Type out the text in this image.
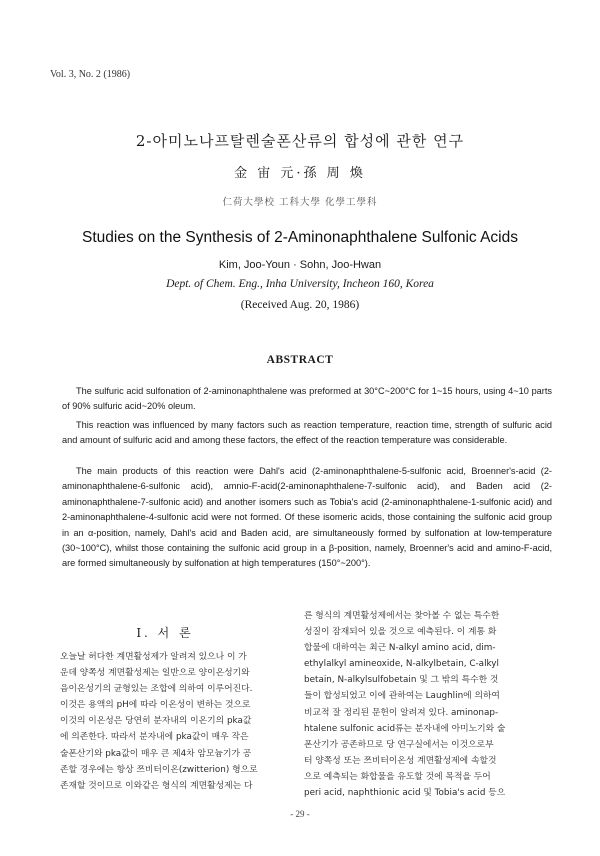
Vol. 3, No. 2 (1986)
2-아미노나프탈렌술폰산류의 합성에 관한 연구
金 宙 元·孫 周 煥
仁荷大學校 工科大學 化學工學科
Studies on the Synthesis of 2-Aminonaphthalene Sulfonic Acids
Kim, Joo-Youn · Sohn, Joo-Hwan
Dept. of Chem. Eng., Inha University, Incheon 160, Korea
(Received Aug. 20, 1986)
ABSTRACT

The sulfuric acid sulfonation of 2-aminonaphthalene was preformed at 30°C~200°C for 1~15 hours, using 4~10 parts of 90% sulfuric acid~20% oleum.

This reaction was influenced by many factors such as reaction temperature, reaction time, strength of sulfuric acid and amount of sulfuric acid and among these factors, the effect of the reaction temperature was considerable.

The main products of this reaction were Dahl's acid (2-aminonaphthalene-5-sulfonic acid, Broenner's-acid (2-aminonaphthalene-6-sulfonic acid), amnio-F-acid(2-aminonaphthalene-7-sulfonic acid), and Baden acid (2-aminonaphthalene-7-sulfonic acid) and another isomers such as Tobia's acid (2-aminonaphthalene-1-sulfonic acid) and 2-aminonaphthalene-4-sulfonic acid were not formed. Of these isomeric acids, those containing the sulfonic acid group in an α-position, namely, Dahl's acid and Baden acid, are simultaneously formed by sulfonation at low-temperature (30~100°C), whilst those containing the sulfonic acid group in a β-position, namely, Broenner's acid and amino-F-acid, are formed simultaneously by sulfonation at high temperatures (150°~200°).

I. 서 론
오늘날 허다한 계면활성제가 알려져 있으나 이 가
운데 양쪽성 계면활성제는 일반으로 양이온성기와
음이온성기의 균형있는 조합에 의하여 이루어진다.
이것은 용액의 pH에 따라 이온성이 변하는 것으로
이것의 이온성은 당연히 분자내의 이온기의 pka값
에 의존한다. 따라서 분자내에 pka값이 매우 작은
술폰산기와 pka값이 매우 큰 제4차 암모늄기가 공
존할 경우에는 항상 쯔비터이온(zwitterion) 형으로
존재할 것이므로 이와같은 형식의 계면활성제는 다
른 형식의 계면활성제에서는 찾아볼 수 없는 특수한
성질이 잠재되어 있을 것으로 예측된다. 이 계통 화
합물에 대하여는 최근 N-alkyl amino acid, dim-
ethylalkyl amineoxide, N-alkylbetain, C-alkyl
betain, N-alkylsulfobetain 및 그 밖의 특수한 것
들이 합성되었고 이에 관하여는 Laughlin에 의하여
비교적 잘 정리된 문헌이 알려져 있다. aminonap-
htalene sulfonic acid류는 분자내에 아미노기와 술
폰산기가 공존하므로 당 연구실에서는 이것으로부
터 양쪽성 또는 쯔비터이온성 계면활성제에 속할것
으로 예측되는 화합물을 유도할 것에 목적을 두어
peri acid, naphthionic acid 및 Tobia's acid 등으
- 29 -
